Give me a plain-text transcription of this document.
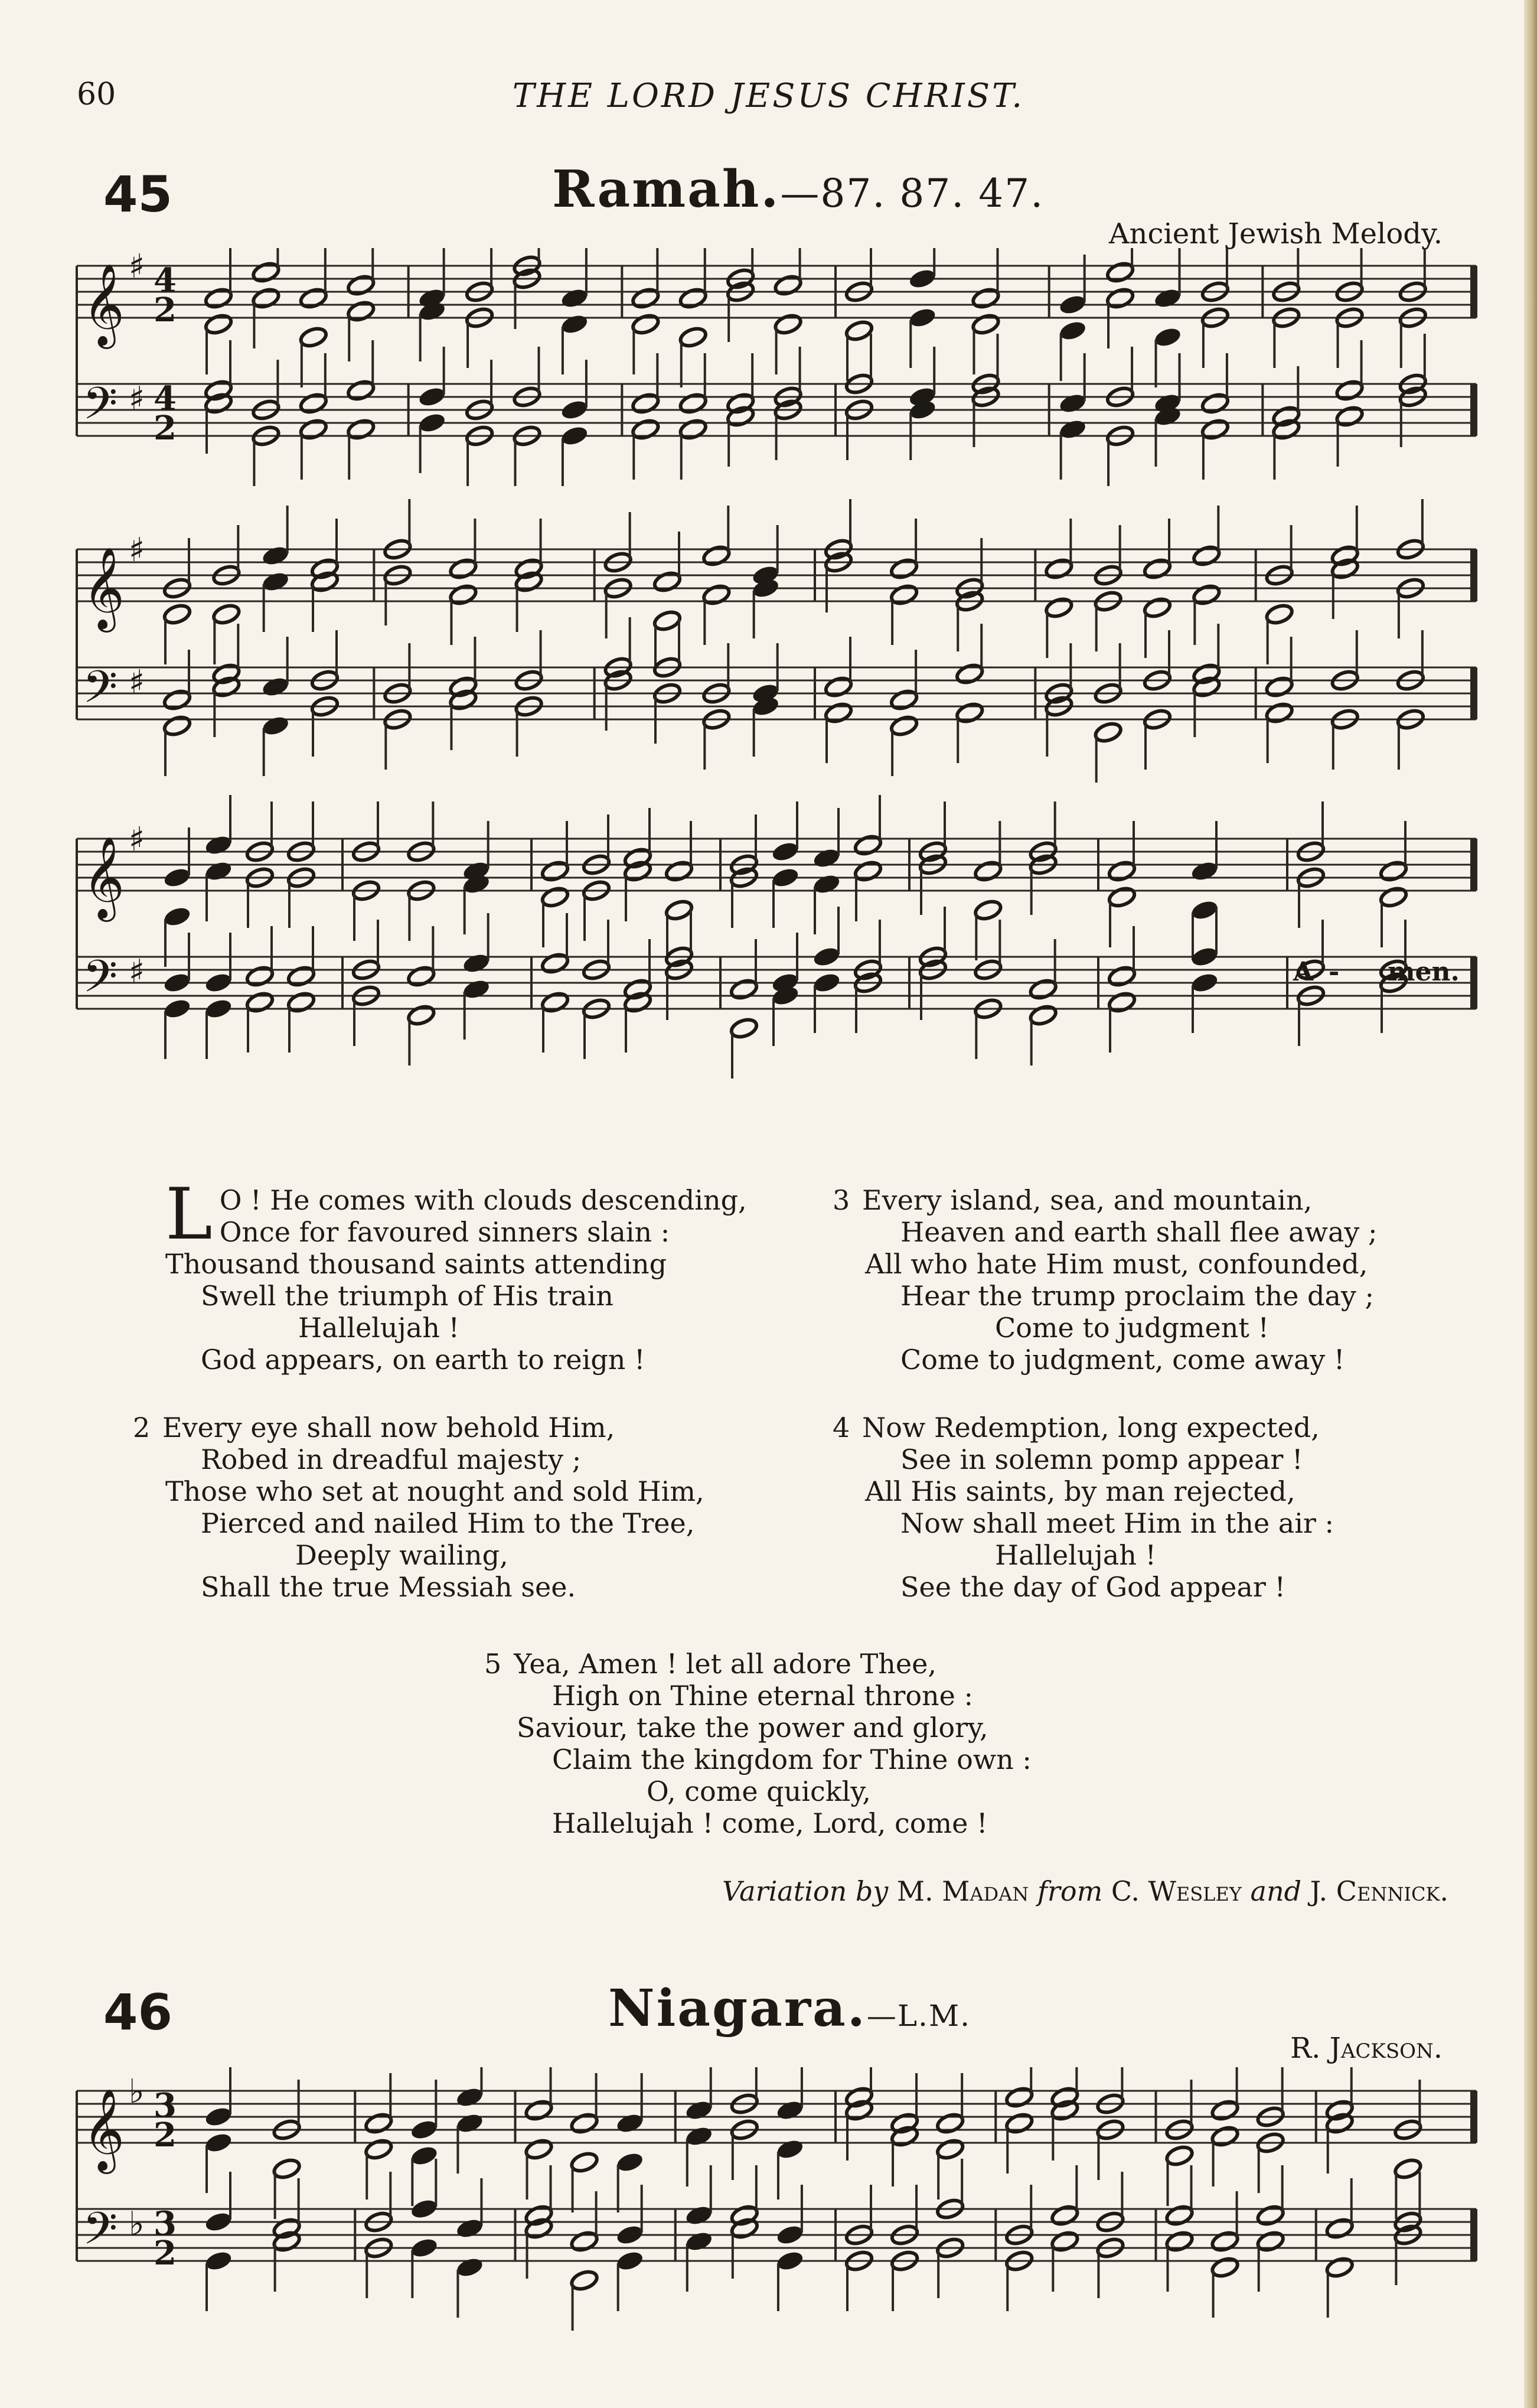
60	THE LORD JESUS CHRIST.
45	Ramah.—87. 87. 47.
Ancient Jewish Melody.
𝄞
𝄢
♯
♯
4
2
4
2
𝄞
𝄢
♯
♯
𝄞
𝄢
♯
♯	A - men.
L O ! He comes with clouds descending,
Once for favoured sinners slain :
Thousand thousand saints attending
Swell the triumph of His train
Hallelujah !
God appears, on earth to reign !
3 Every island, sea, and mountain,
Heaven and earth shall flee away ;
All who hate Him must, confounded,
Hear the trump proclaim the day ;
Come to judgment !
Come to judgment, come away !
2 Every eye shall now behold Him,
Robed in dreadful majesty ;
Those who set at nought and sold Him,
Pierced and nailed Him to the Tree,
Deeply wailing,
Shall the true Messiah see.
4 Now Redemption, long expected,
See in solemn pomp appear !
All His saints, by man rejected,
Now shall meet Him in the air :
Hallelujah !
See the day of God appear !
5 Yea, Amen ! let all adore Thee,
High on Thine eternal throne :
Saviour, take the power and glory,
Claim the kingdom for Thine own :
O, come quickly,
Hallelujah ! come, Lord, come !
Variation by M. Madan from C. Wesley and J. Cennick.
46	Niagara.—L.M.
R. Jackson.
𝄞
𝄢
♭
♭
3
2
3
2
